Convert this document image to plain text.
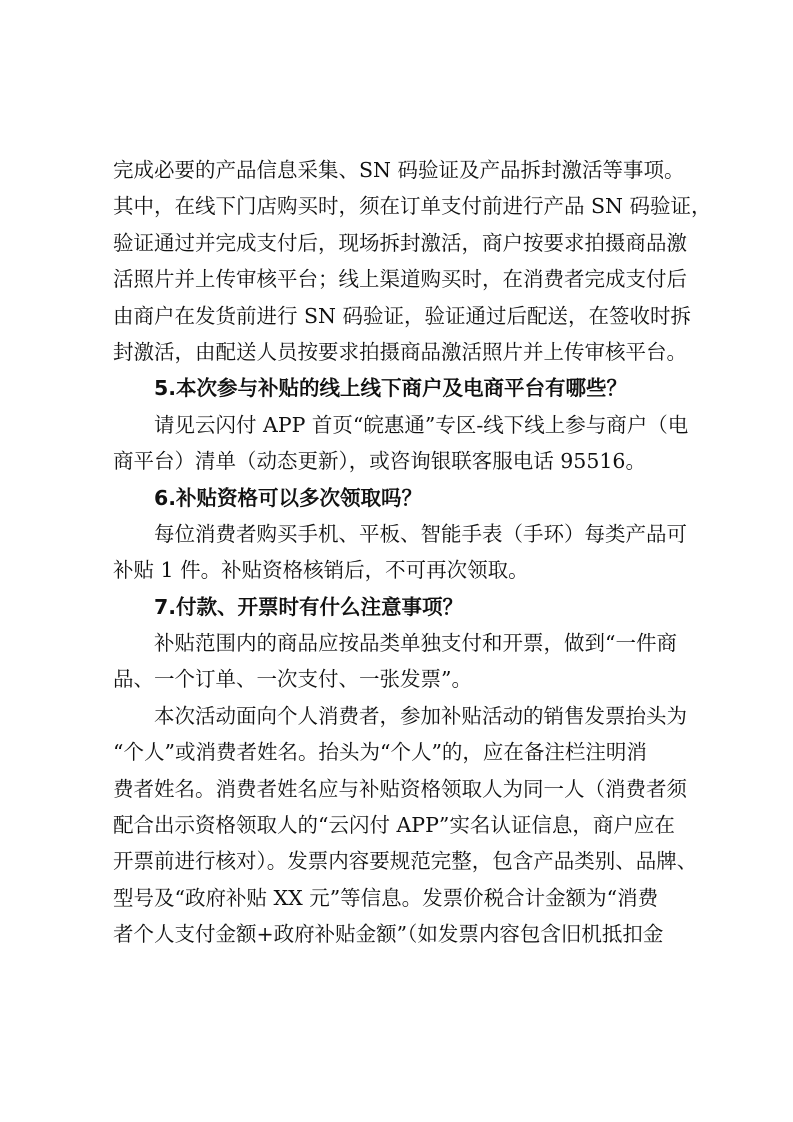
完成必要的产品信息采集、SN 码验证及产品拆封激活等事项。
其中，在线下门店购买时，须在订单支付前进行产品 SN 码验证，
验证通过并完成支付后，现场拆封激活，商户按要求拍摄商品激
活照片并上传审核平台；线上渠道购买时，在消费者完成支付后
由商户在发货前进行 SN 码验证，验证通过后配送，在签收时拆
封激活，由配送人员按要求拍摄商品激活照片并上传审核平台。
5.本次参与补贴的线上线下商户及电商平台有哪些？
请见云闪付 APP 首页“皖惠通”专区-线下线上参与商户（电
商平台）清单（动态更新），或咨询银联客服电话 95516。
6.补贴资格可以多次领取吗？
每位消费者购买手机、平板、智能手表（手环）每类产品可
补贴 1 件。补贴资格核销后，不可再次领取。
7.付款、开票时有什么注意事项？
补贴范围内的商品应按品类单独支付和开票，做到“一件商
品、一个订单、一次支付、一张发票”。
本次活动面向个人消费者，参加补贴活动的销售发票抬头为
“个人”或消费者姓名。抬头为“个人”的，应在备注栏注明消
费者姓名。消费者姓名应与补贴资格领取人为同一人（消费者须
配合出示资格领取人的“云闪付 APP”实名认证信息，商户应在
开票前进行核对）。发票内容要规范完整，包含产品类别、品牌、
型号及“政府补贴 XX 元”等信息。发票价税合计金额为“消费
者个人支付金额+政府补贴金额”（如发票内容包含旧机抵扣金
